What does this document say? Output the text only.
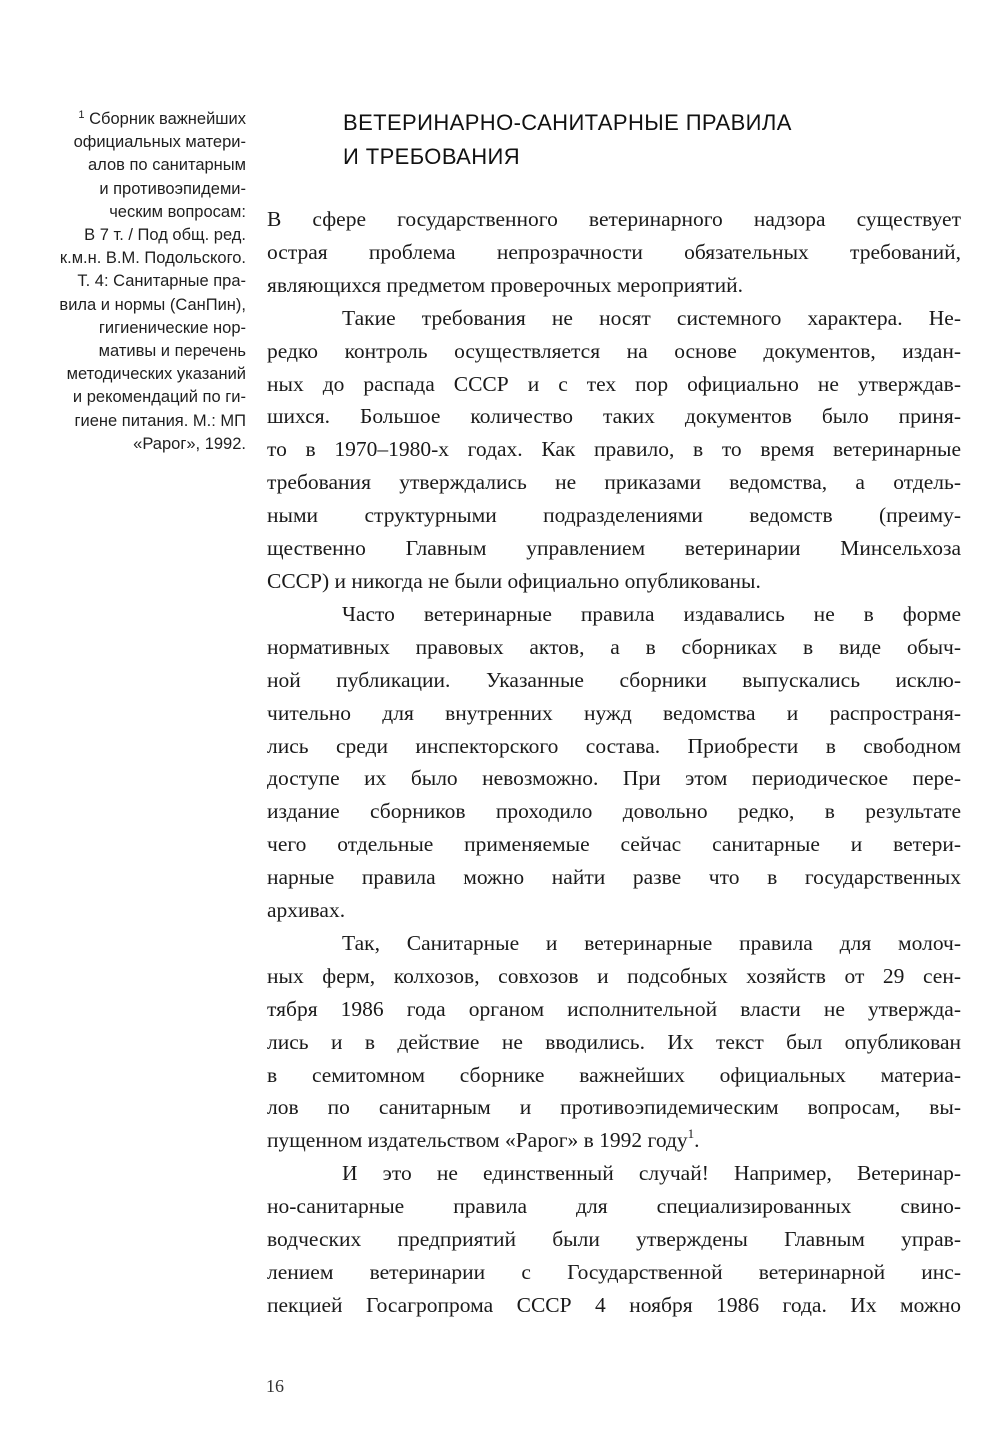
$^1$ Сборник важнейших
официальных матери-
алов по санитарным
и противоэпидеми-
ческим вопросам:
В 7 т. / Под общ. ред.
к.м.н. В.М. Подольского.
Т. 4: Санитарные пра-
вила и нормы (СанПин),
гигиенические нор-
мативы и перечень
методических указаний
и рекомендаций по ги-
гиене питания. М.: МП
«Рарог», 1992.
ВЕТЕРИНАРНО-САНИТАРНЫЕ ПРАВИЛА
И ТРЕБОВАНИЯ

В сфере государственного ветеринарного надзора существует
острая проблема непрозрачности обязательных требований,
являющихся предметом проверочных мероприятий.

Такие требования не носят системного характера. Не-
редко контроль осуществляется на основе документов, издан-
ных до распада СССР и с тех пор официально не утверждав-
шихся. Большое количество таких документов было приня-
то в 1970–1980-х годах. Как правило, в то время ветеринарные
требования утверждались не приказами ведомства, а отдель-
ными структурными подразделениями ведомств (преиму-
щественно Главным управлением ветеринарии Минсельхоза
СССР) и никогда не были официально опубликованы.

Часто ветеринарные правила издавались не в форме
нормативных правовых актов, а в сборниках в виде обыч-
ной публикации. Указанные сборники выпускались исклю-
чительно для внутренних нужд ведомства и распространя-
лись среди инспекторского состава. Приобрести в свободном
доступе их было невозможно. При этом периодическое пере-
издание сборников проходило довольно редко, в результате
чего отдельные применяемые сейчас санитарные и ветери-
нарные правила можно найти разве что в государственных
архивах.

Так, Санитарные и ветеринарные правила для молоч-
ных ферм, колхозов, совхозов и подсобных хозяйств от 29 сен-
тября 1986 года органом исполнительной власти не утвержда-
лись и в действие не вводились. Их текст был опубликован
в семитомном сборнике важнейших официальных материа-
лов по санитарным и противоэпидемическим вопросам, вы-
пущенном издательством «Рарог» в 1992 году$^1$.

И это не единственный случай! Например, Ветеринар-
но-санитарные правила для специализированных свино-
водческих предприятий были утверждены Главным управ-
лением ветеринарии с Государственной ветеринарной инс-
пекцией Госагропрома СССР 4 ноября 1986 года. Их можно

16
